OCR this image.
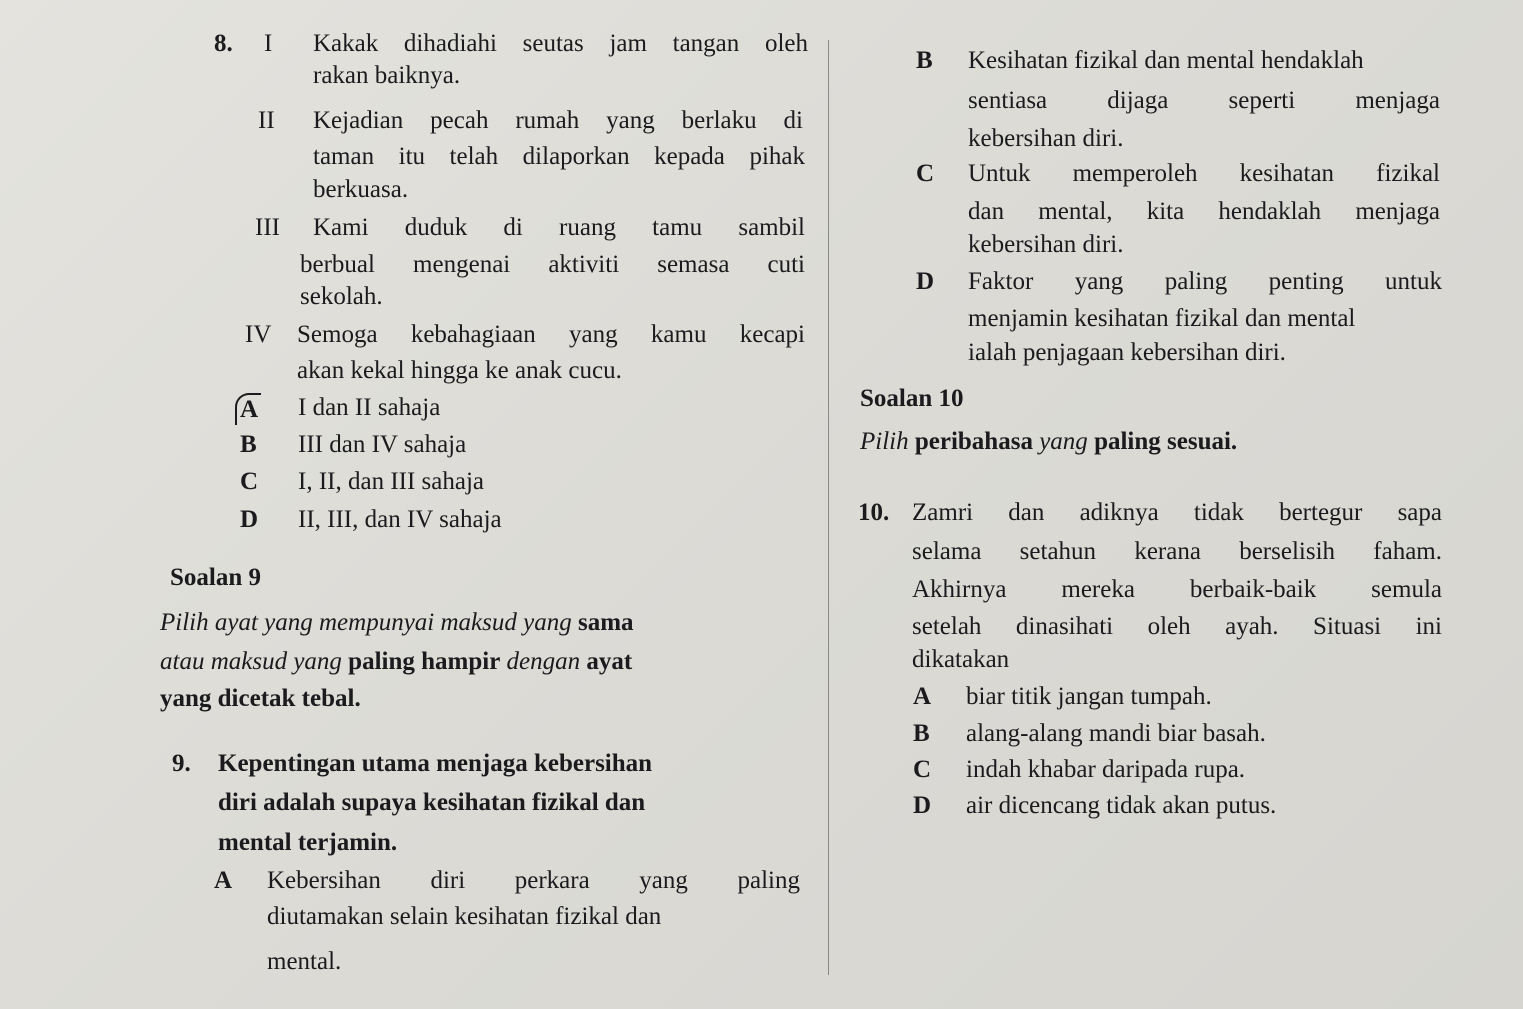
8. I Kakak dihadiahi seutas jam tangan oleh
rakan baiknya.
II Kejadian pecah rumah yang berlaku di
taman itu telah dilaporkan kepada pihak
berkuasa.
III Kami duduk di ruang tamu sambil
berbual mengenai aktiviti semasa cuti
sekolah.
IV Semoga kebahagiaan yang kamu kecapi
akan kekal hingga ke anak cucu.
A I dan II sahaja
B III dan IV sahaja
C I, II, dan III sahaja
D II, III, dan IV sahaja
Soalan 9
Pilih ayat yang mempunyai maksud yang sama
atau maksud yang paling hampir dengan ayat
yang dicetak tebal.
9. Kepentingan utama menjaga kebersihan
diri adalah supaya kesihatan fizikal dan
mental terjamin.
A Kebersihan diri perkara yang paling
diutamakan selain kesihatan fizikal dan
mental.
B Kesihatan fizikal dan mental hendaklah
sentiasa dijaga seperti menjaga
kebersihan diri.
C Untuk memperoleh kesihatan fizikal
dan mental, kita hendaklah menjaga
kebersihan diri.
D Faktor yang paling penting untuk
menjamin kesihatan fizikal dan mental
ialah penjagaan kebersihan diri.
Soalan 10
Pilih peribahasa yang paling sesuai.
10. Zamri dan adiknya tidak bertegur sapa
selama setahun kerana berselisih faham.
Akhirnya mereka berbaik-baik semula
setelah dinasihati oleh ayah. Situasi ini
dikatakan
A biar titik jangan tumpah.
B alang-alang mandi biar basah.
C indah khabar daripada rupa.
D air dicencang tidak akan putus.
